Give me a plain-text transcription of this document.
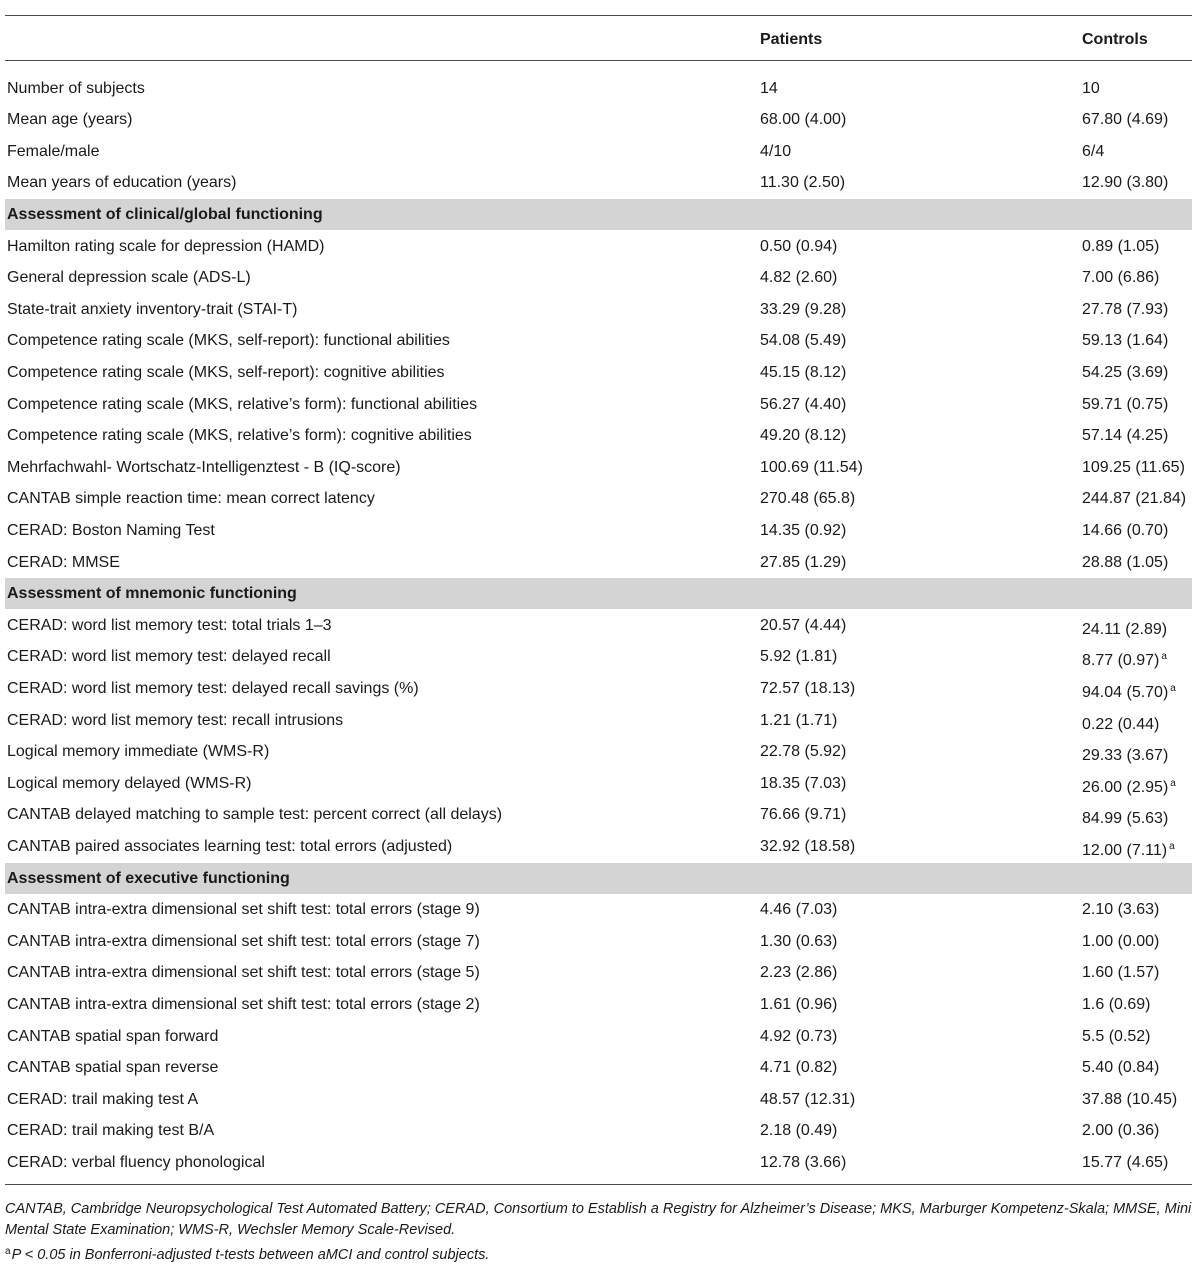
Patients	Controls
Number of subjects	14	10
Mean age (years)	68.00 (4.00)	67.80 (4.69)
Female/male	4/10	6/4
Mean years of education (years)	11.30 (2.50)	12.90 (3.80)
Assessment of clinical/global functioning
Hamilton rating scale for depression (HAMD)	0.50 (0.94)	0.89 (1.05)
General depression scale (ADS-L)	4.82 (2.60)	7.00 (6.86)
State-trait anxiety inventory-trait (STAI-T)	33.29 (9.28)	27.78 (7.93)
Competence rating scale (MKS, self-report): functional abilities	54.08 (5.49)	59.13 (1.64)
Competence rating scale (MKS, self-report): cognitive abilities	45.15 (8.12)	54.25 (3.69)
Competence rating scale (MKS, relative’s form): functional abilities	56.27 (4.40)	59.71 (0.75)
Competence rating scale (MKS, relative’s form): cognitive abilities	49.20 (8.12)	57.14 (4.25)
Mehrfachwahl- Wortschatz-Intelligenztest - B (IQ-score)	100.69 (11.54)	109.25 (11.65)
CANTAB simple reaction time: mean correct latency	270.48 (65.8)	244.87 (21.84)
CERAD: Boston Naming Test	14.35 (0.92)	14.66 (0.70)
CERAD: MMSE	27.85 (1.29)	28.88 (1.05)
Assessment of mnemonic functioning
CERAD: word list memory test: total trials 1–3	20.57 (4.44)	24.11 (2.89)
CERAD: word list memory test: delayed recall	5.92 (1.81)	8.77 (0.97) $^a$
CERAD: word list memory test: delayed recall savings (%)	72.57 (18.13)	94.04 (5.70) $^a$
CERAD: word list memory test: recall intrusions	1.21 (1.71)	0.22 (0.44)
Logical memory immediate (WMS-R)	22.78 (5.92)	29.33 (3.67)
Logical memory delayed (WMS-R)	18.35 (7.03)	26.00 (2.95) $^a$
CANTAB delayed matching to sample test: percent correct (all delays)	76.66 (9.71)	84.99 (5.63)
CANTAB paired associates learning test: total errors (adjusted)	32.92 (18.58)	12.00 (7.11) $^a$
Assessment of executive functioning
CANTAB intra-extra dimensional set shift test: total errors (stage 9)	4.46 (7.03)	2.10 (3.63)
CANTAB intra-extra dimensional set shift test: total errors (stage 7)	1.30 (0.63)	1.00 (0.00)
CANTAB intra-extra dimensional set shift test: total errors (stage 5)	2.23 (2.86)	1.60 (1.57)
CANTAB intra-extra dimensional set shift test: total errors (stage 2)	1.61 (0.96)	1.6 (0.69)
CANTAB spatial span forward	4.92 (0.73)	5.5 (0.52)
CANTAB spatial span reverse	4.71 (0.82)	5.40 (0.84)
CERAD: trail making test A	48.57 (12.31)	37.88 (10.45)
CERAD: trail making test B/A	2.18 (0.49)	2.00 (0.36)
CERAD: verbal fluency phonological	12.78 (3.66)	15.77 (4.65)
CANTAB, Cambridge Neuropsychological Test Automated Battery; CERAD, Consortium to Establish a Registry for Alzheimer’s Disease; MKS, Marburger Kompetenz-Skala; MMSE, Mini Mental State Examination; WMS-R, Wechsler Memory Scale-Revised.
$^a$P < 0.05 in Bonferroni-adjusted t-tests between aMCI and control subjects.
